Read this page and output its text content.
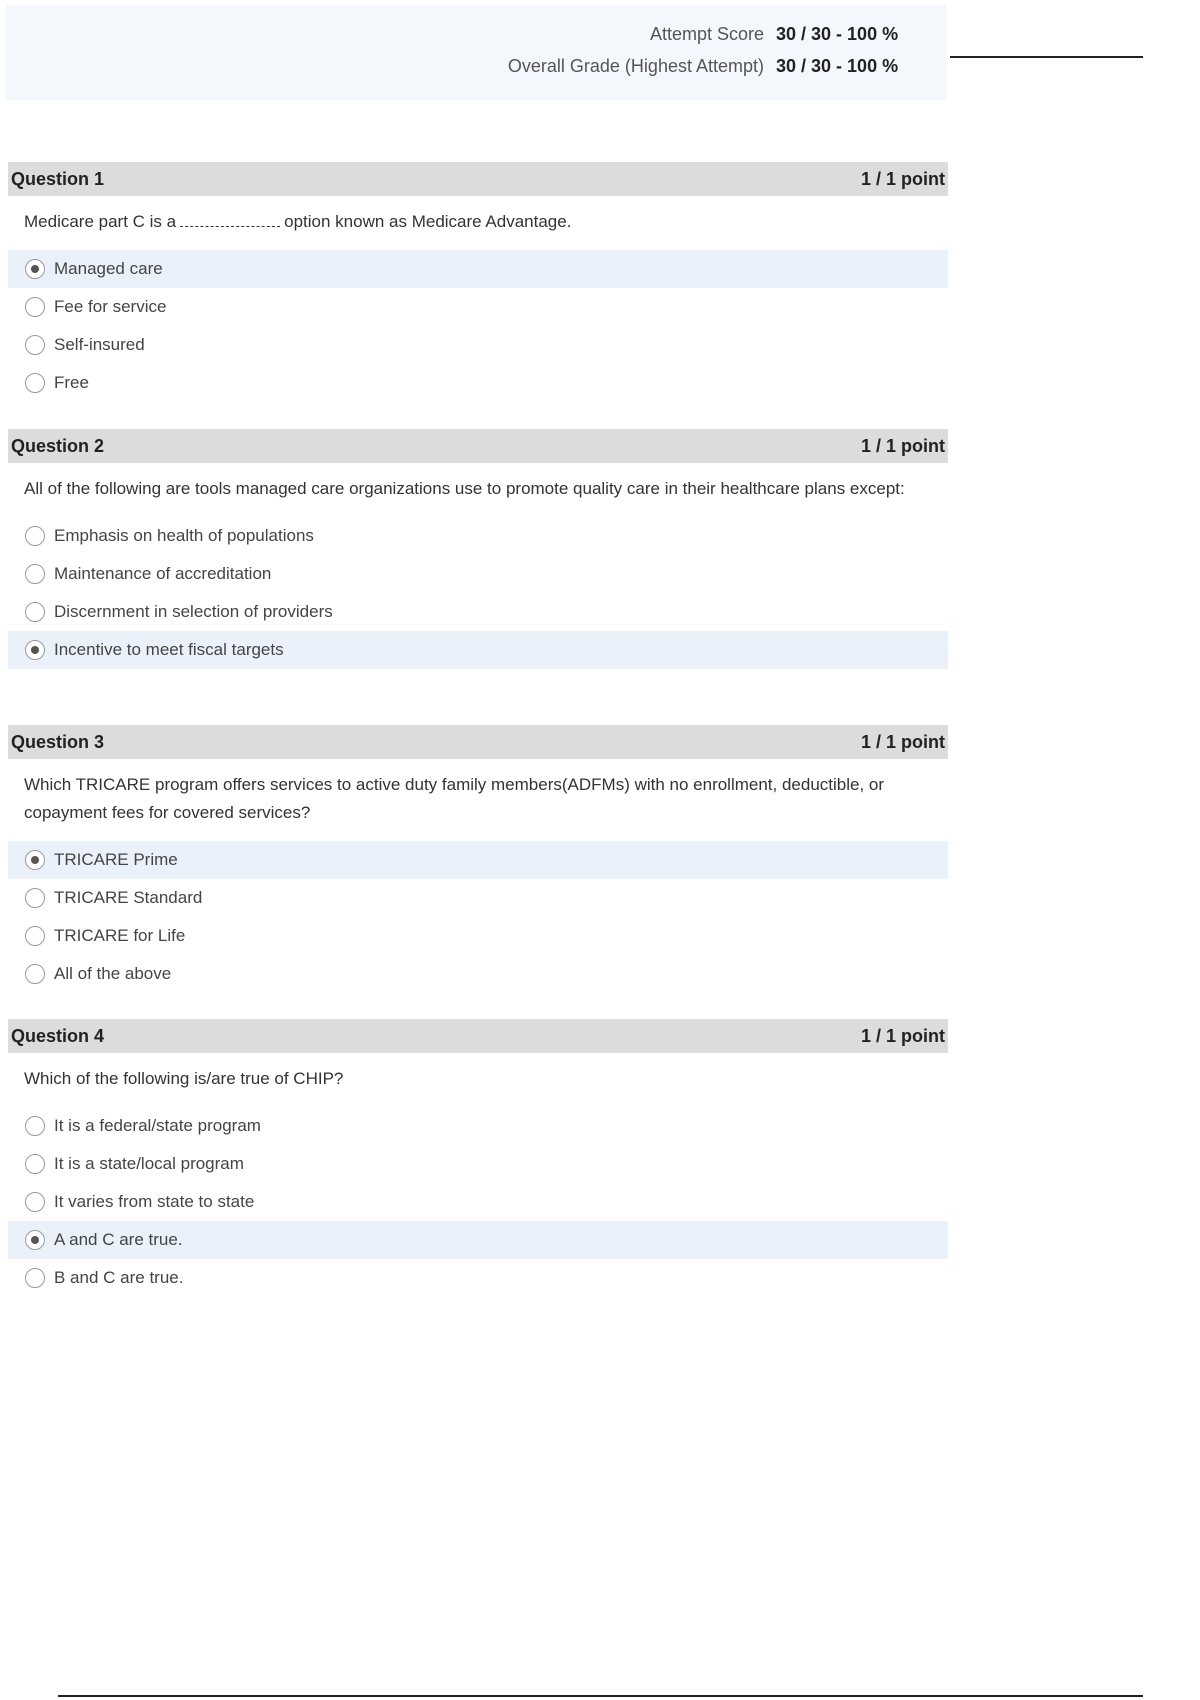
Attempt Score 30 / 30 - 100 %
Overall Grade (Highest Attempt) 30 / 30 - 100 %
Question 1	1 / 1 point
Medicare part C is a	option known as Medicare Advantage.
Managed care
Fee for service
Self-insured
Free
Question 2	1 / 1 point
All of the following are tools managed care organizations use to promote quality care in their healthcare plans except:
Emphasis on health of populations
Maintenance of accreditation
Discernment in selection of providers
Incentive to meet fiscal targets
Question 3	1 / 1 point
Which TRICARE program offers services to active duty family members(ADFMs) with no enrollment, deductible, or copayment fees for covered services?
TRICARE Prime
TRICARE Standard
TRICARE for Life
All of the above
Question 4	1 / 1 point
Which of the following is/are true of CHIP?
It is a federal/state program
It is a state/local program
It varies from state to state
A and C are true.
B and C are true.
